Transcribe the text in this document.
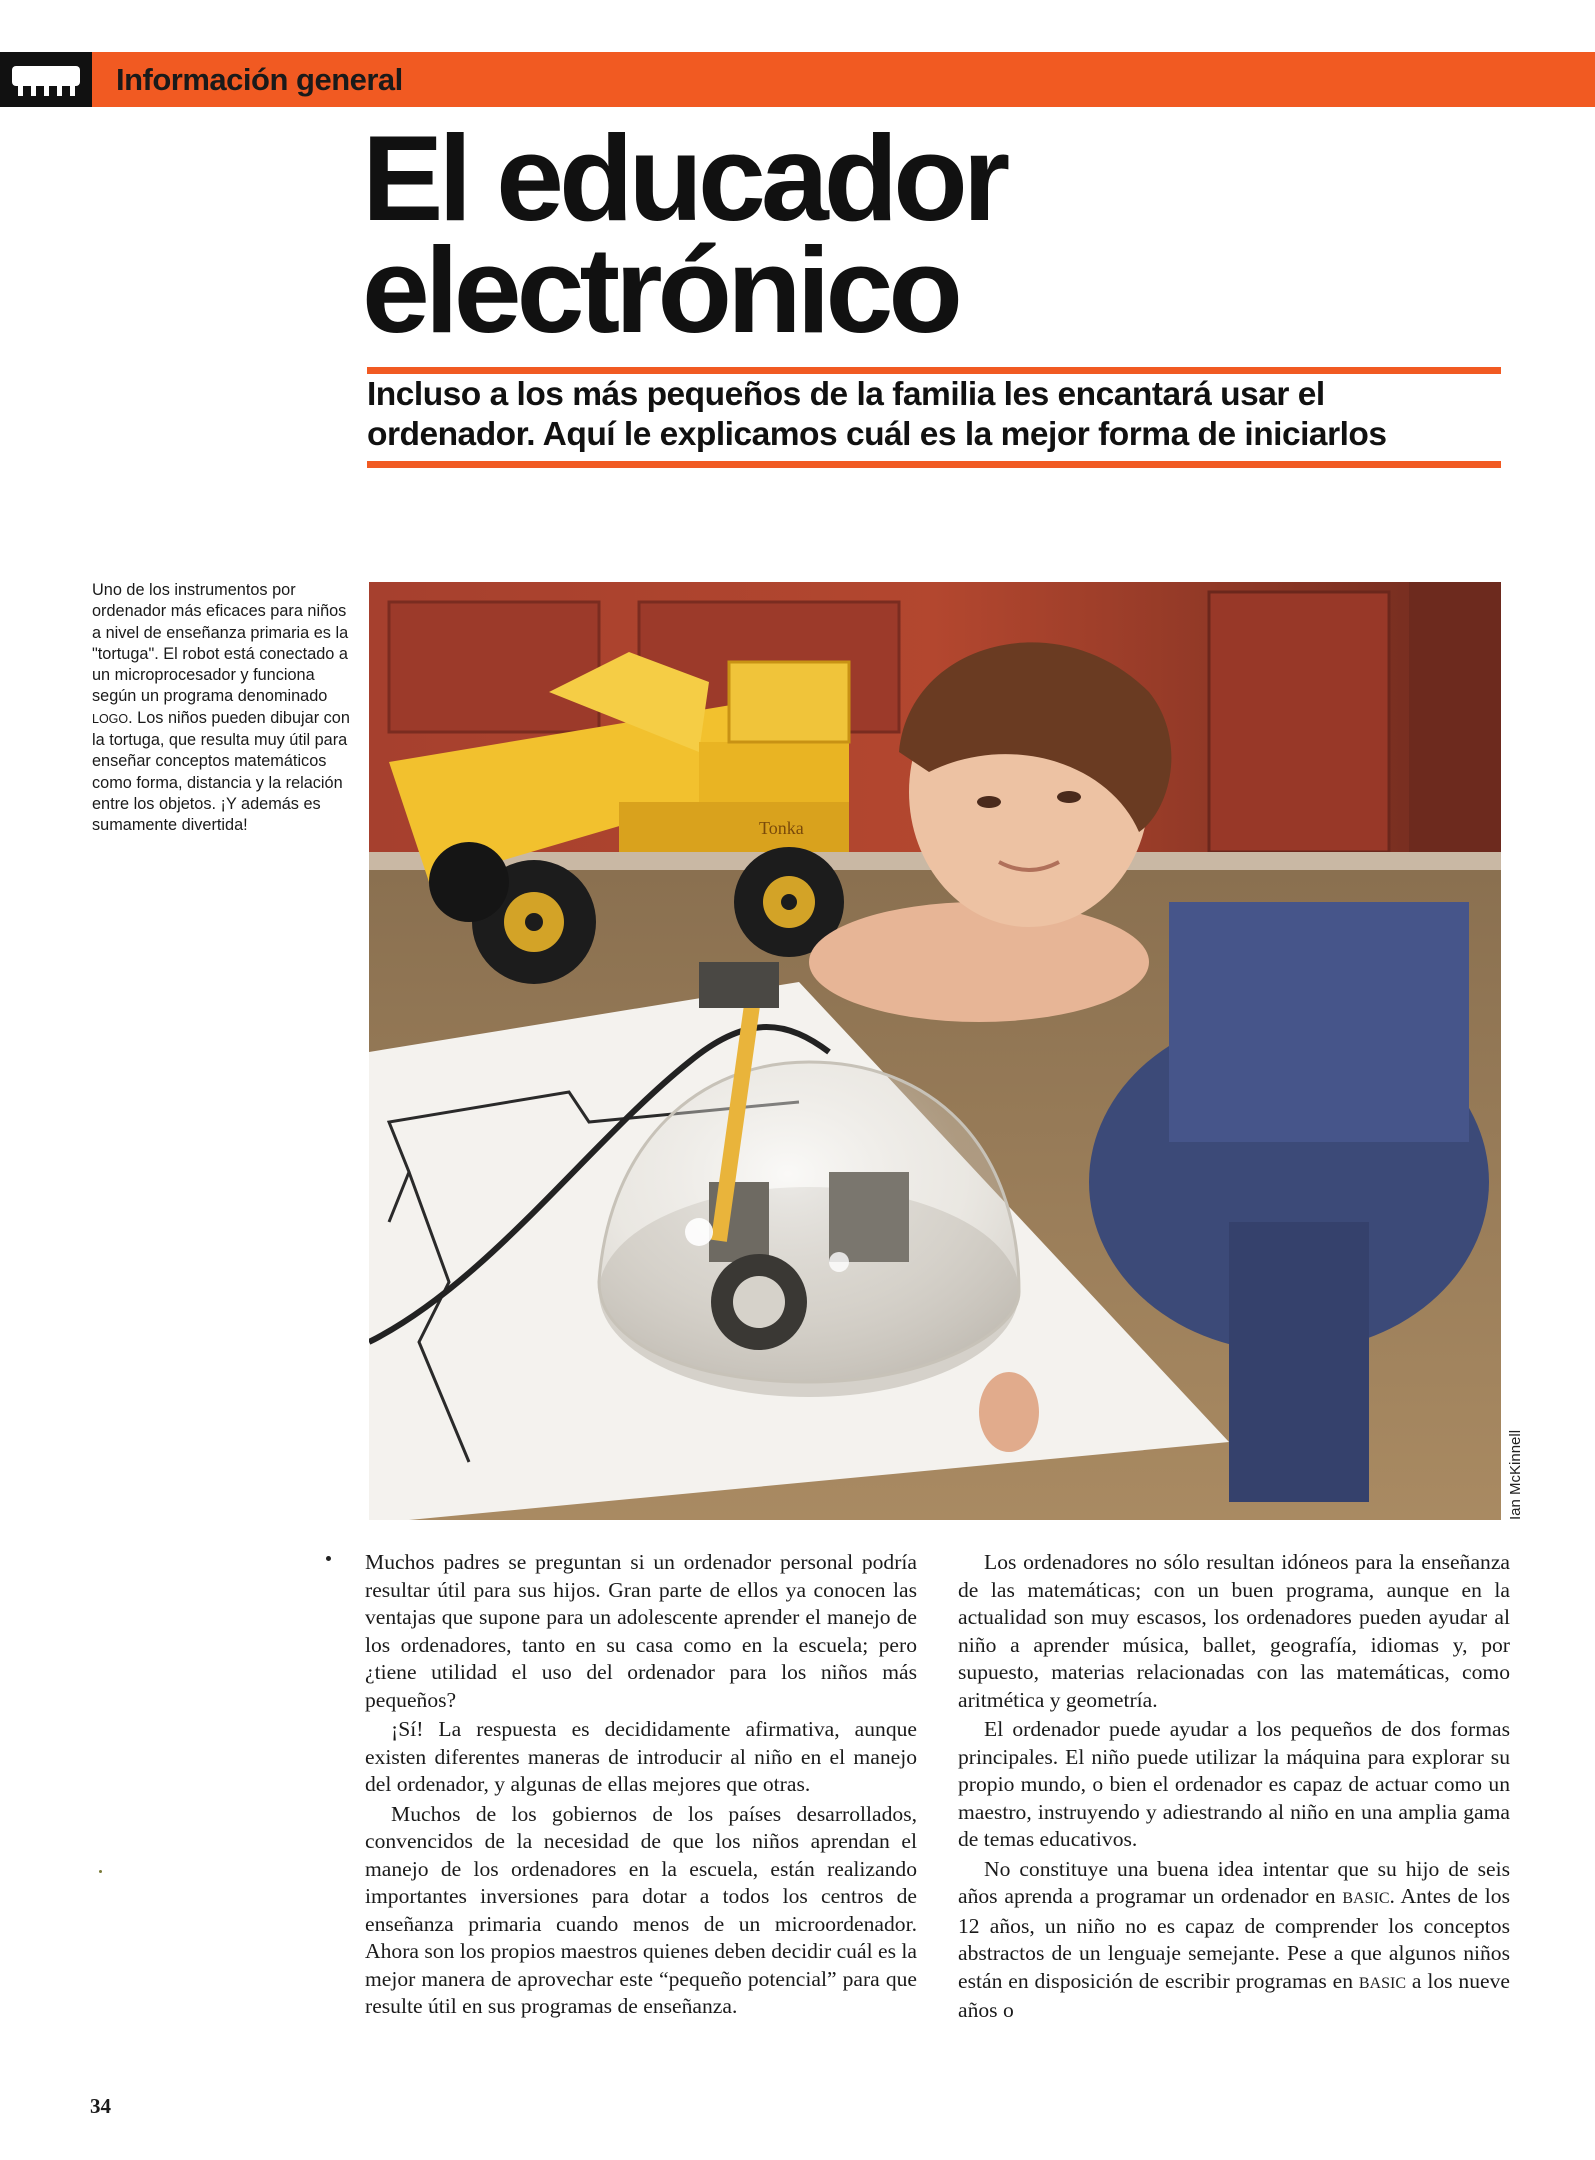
Información general
El educador
electrónico
Incluso a los más pequeños de la familia les encantará usar el
ordenador. Aquí le explicamos cuál es la mejor forma de iniciarlos
Uno de los instrumentos por ordenador más eficaces para niños a nivel de enseñanza primaria es la "tortuga". El robot está conectado a un microprocesador y funciona según un programa denominado LOGO. Los niños pueden dibujar con la tortuga, que resulta muy útil para enseñar conceptos matemáticos como forma, distancia y la relación entre los objetos. ¡Y además es sumamente divertida!	Tonka
Ian McKinnell

Muchos padres se preguntan si un ordenador personal podría resultar útil para sus hijos. Gran parte de ellos ya conocen las ventajas que supone para un adolescente aprender el manejo de los ordenadores, tanto en su casa como en la escuela; pero ¿tiene utilidad el uso del ordenador para los niños más pequeños?

¡Sí! La respuesta es decididamente afirmativa, aunque existen diferentes maneras de introducir al niño en el manejo del ordenador, y algunas de ellas mejores que otras.

Muchos de los gobiernos de los países desarrollados, convencidos de la necesidad de que los niños aprendan el manejo de los ordenadores en la escuela, están realizando importantes inversiones para dotar a todos los centros de enseñanza primaria cuando menos de un microordenador. Ahora son los propios maestros quienes deben decidir cuál es la mejor manera de aprovechar este “pequeño potencial” para que resulte útil en sus programas de enseñanza.

Los ordenadores no sólo resultan idóneos para la enseñanza de las matemáticas; con un buen programa, aunque en la actualidad son muy escasos, los ordenadores pueden ayudar al niño a aprender música, ballet, geografía, idiomas y, por supuesto, materias relacionadas con las matemáticas, como aritmética y geometría.

El ordenador puede ayudar a los pequeños de dos formas principales. El niño puede utilizar la máquina para explorar su propio mundo, o bien el ordenador es capaz de actuar como un maestro, instruyendo y adiestrando al niño en una amplia gama de temas educativos.

No constituye una buena idea intentar que su hijo de seis años aprenda a programar un ordenador en BASIC. Antes de los 12 años, un niño no es capaz de comprender los conceptos abstractos de un lenguaje semejante. Pese a que algunos niños están en disposición de escribir programas en BASIC a los nueve años o

34
